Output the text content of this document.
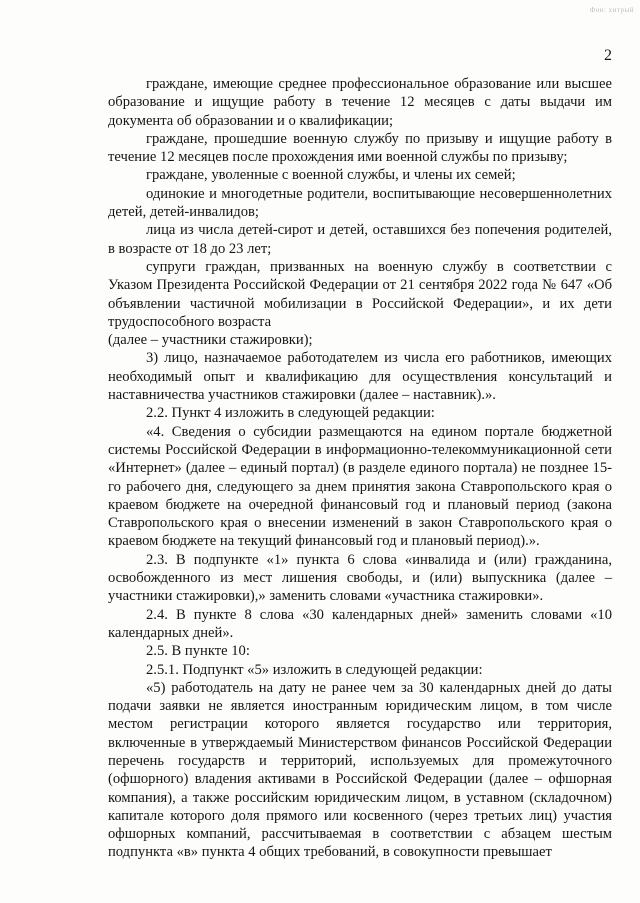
2

граждане, имеющие среднее профессиональное образование или высшее образование и ищущие работу в течение 12 месяцев с даты выдачи им документа об образовании и о квалификации;

граждане, прошедшие военную службу по призыву и ищущие работу в течение 12 месяцев после прохождения ими военной службы по призыву;

граждане, уволенные с военной службы, и члены их семей;

одинокие и многодетные родители, воспитывающие несовершеннолетних детей, детей-инвалидов;

лица из числа детей-сирот и детей, оставшихся без попечения родителей, в возрасте от 18 до 23 лет;

супруги граждан, призванных на военную службу в соответствии с Указом Президента Российской Федерации от 21 сентября 2022 года № 647 «Об объявлении частичной мобилизации в Российской Федерации», и их дети трудоспособного возраста

(далее – участники стажировки);

3) лицо, назначаемое работодателем из числа его работников, имеющих необходимый опыт и квалификацию для осуществления консультаций и наставничества участников стажировки (далее – наставник).».

2.2. Пункт 4 изложить в следующей редакции:

«4. Сведения о субсидии размещаются на едином портале бюджетной системы Российской Федерации в информационно-телекоммуникационной сети «Интернет» (далее – единый портал) (в разделе единого портала) не позднее 15-го рабочего дня, следующего за днем принятия закона Ставропольского края о краевом бюджете на очередной финансовый год и плановый период (закона Ставропольского края о внесении изменений в закон Ставропольского края о краевом бюджете на текущий финансовый год и плановый период).».

2.3. В подпункте «1» пункта 6 слова «инвалида и (или) гражданина, освобожденного из мест лишения свободы, и (или) выпускника (далее – участники стажировки),» заменить словами «участника стажировки».

2.4. В пункте 8 слова «30 календарных дней» заменить словами «10 календарных дней».

2.5. В пункте 10:

2.5.1. Подпункт «5» изложить в следующей редакции:

«5) работодатель на дату не ранее чем за 30 календарных дней до даты подачи заявки не является иностранным юридическим лицом, в том числе местом регистрации которого является государство или территория, включенные в утверждаемый Министерством финансов Российской Федерации перечень государств и территорий, используемых для промежуточного (офшорного) владения активами в Российской Федерации (далее – офшорная компания), а также российским юридическим лицом, в уставном (складочном) капитале которого доля прямого или косвенного (через третьих лиц) участия офшорных компаний, рассчитываемая в соответствии с абзацем шестым подпункта «в» пункта 4 общих требований, в совокупности превышает

Фон: хитрый
